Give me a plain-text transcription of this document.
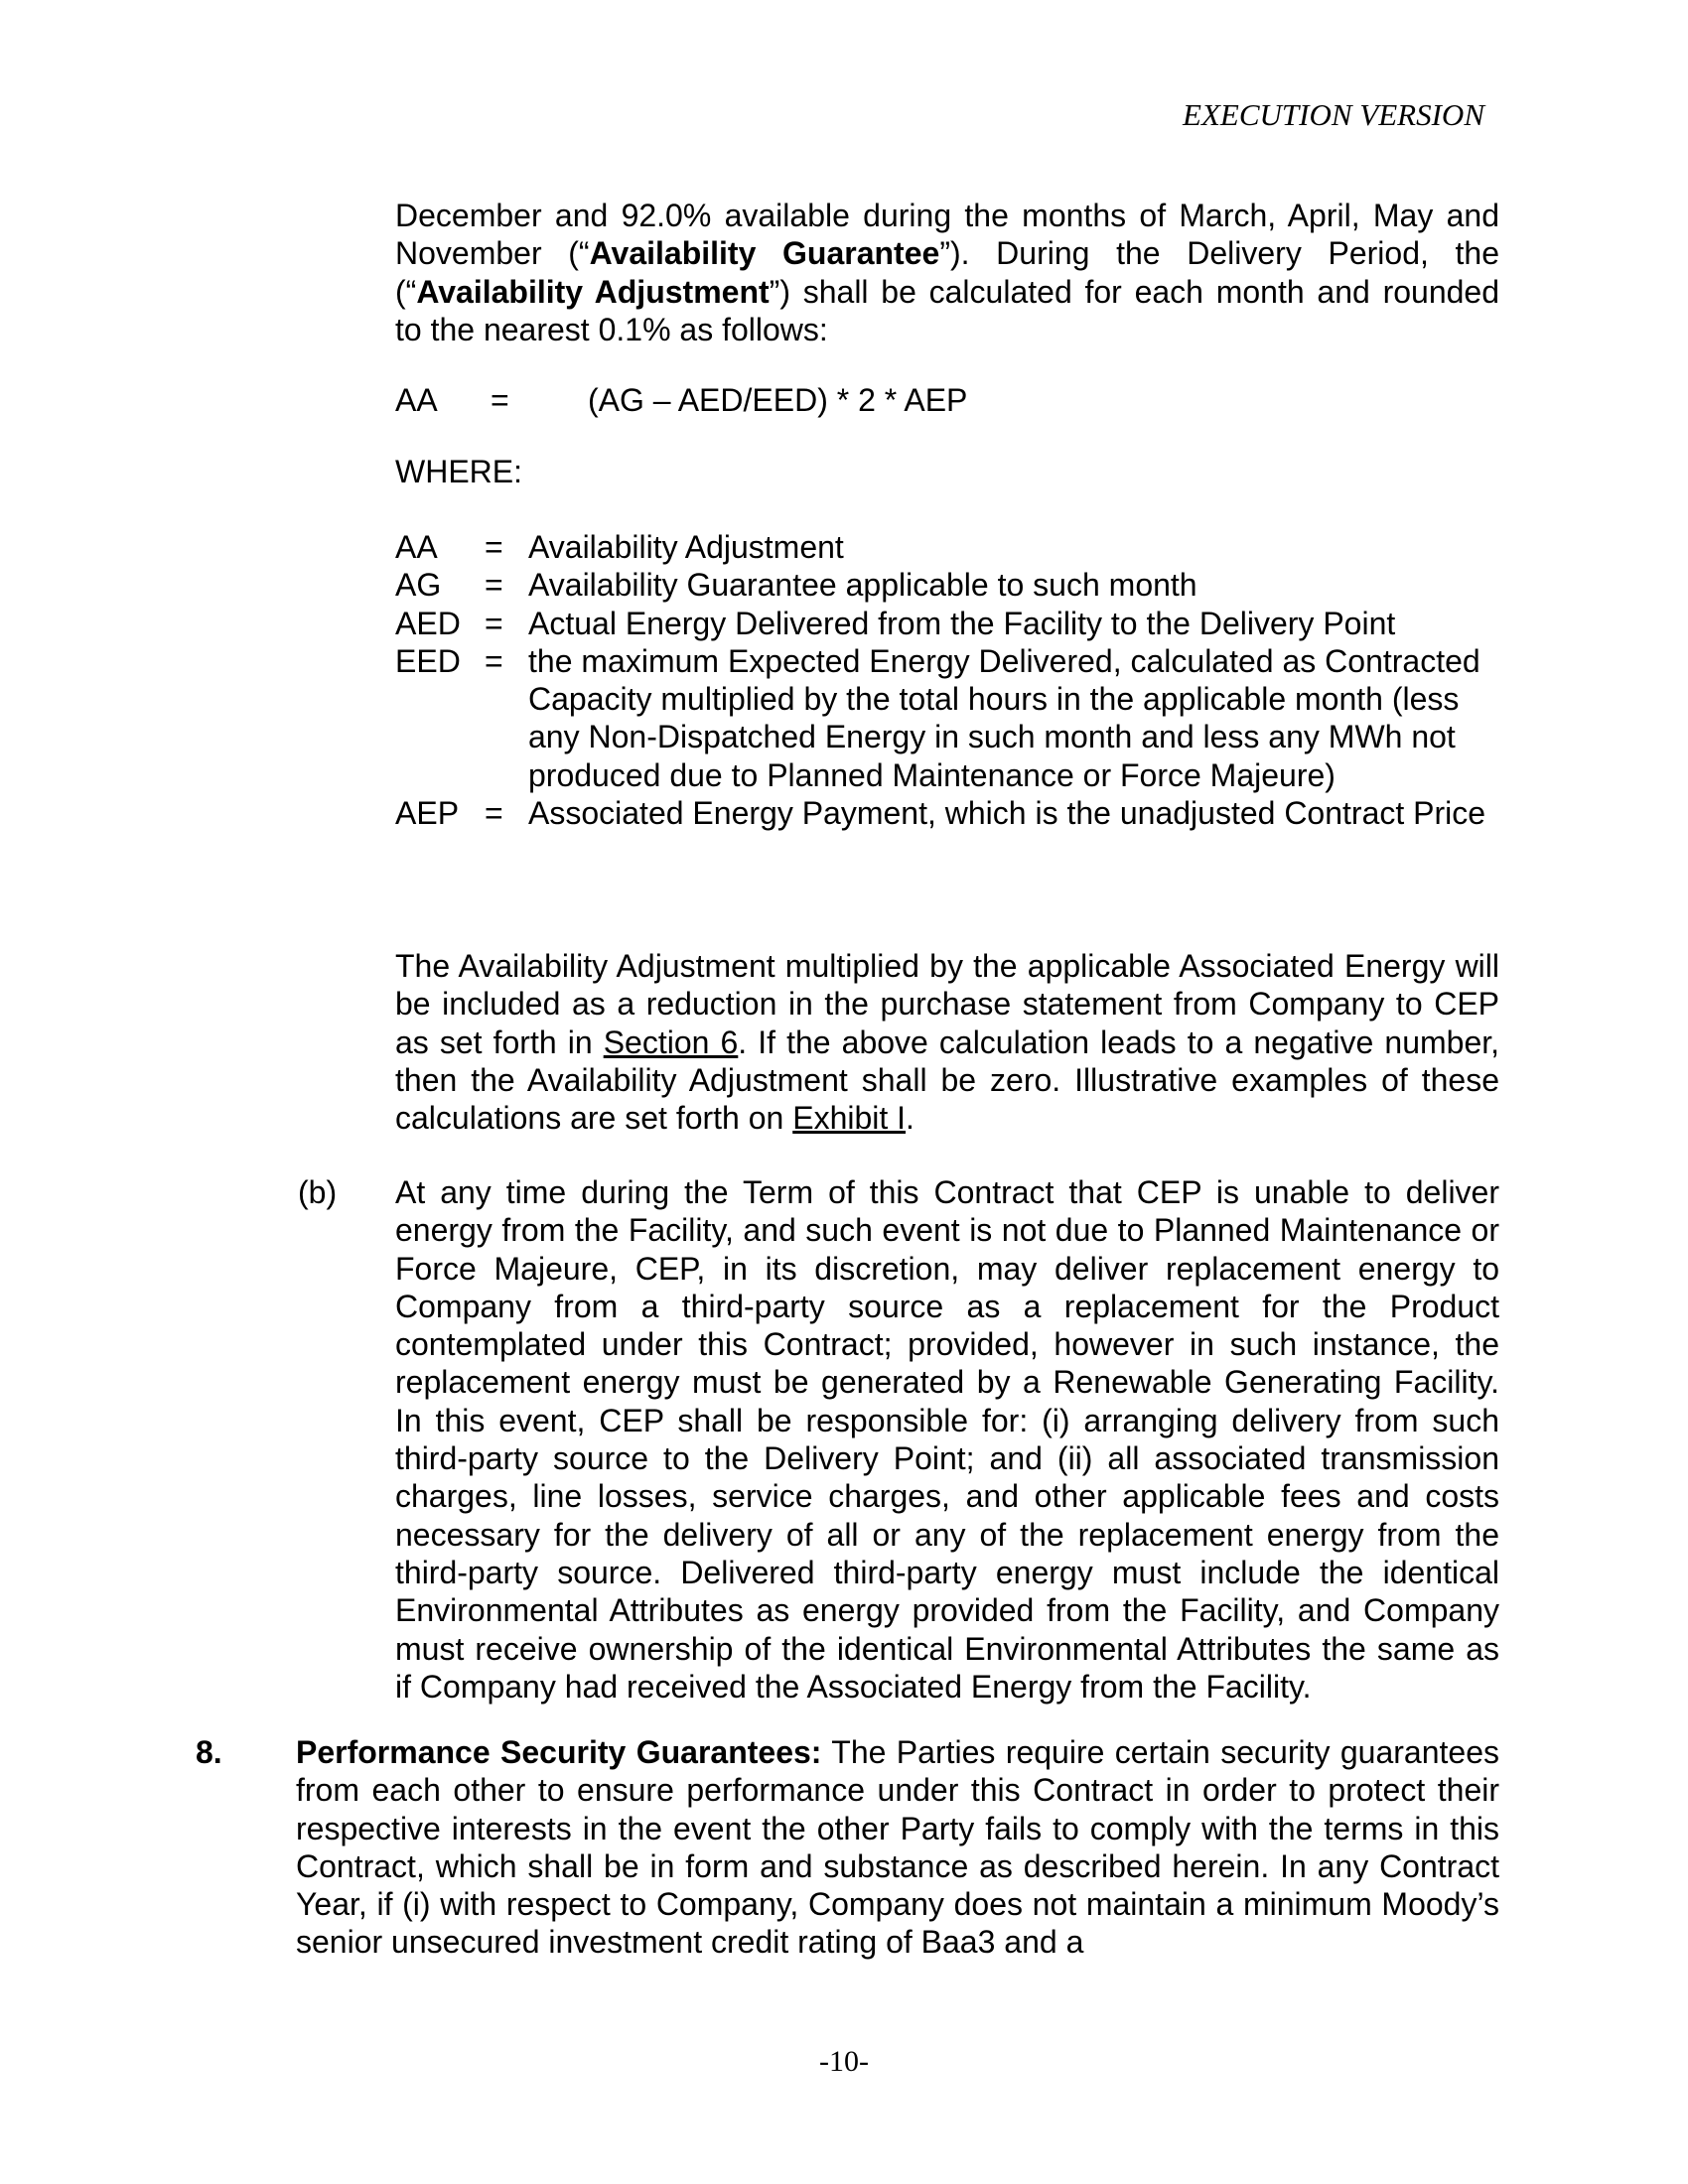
EXECUTION VERSION
December and 92.0% available during the months of March, April, May and November (“Availability Guarantee”). During the Delivery Period, the (“Availability Adjustment”) shall be calculated for each month and rounded to the nearest 0.1% as follows:
AA = (AG – AED/EED) * 2 * AEP
WHERE:
AA	= Availability Adjustment
AG	= Availability Guarantee applicable to such month
AED = Actual Energy Delivered from the Facility to the Delivery Point
EED = the maximum Expected Energy Delivered, calculated as Contracted Capacity multiplied by the total hours in the applicable month (less any Non-Dispatched Energy in such month and less any MWh not produced due to Planned Maintenance or Force Majeure)
AEP = Associated Energy Payment, which is the unadjusted Contract Price
The Availability Adjustment multiplied by the applicable Associated Energy will be included as a reduction in the purchase statement from Company to CEP as set forth in Section 6. If the above calculation leads to a negative number, then the Availability Adjustment shall be zero. Illustrative examples of these calculations are set forth on Exhibit I.
(b) At any time during the Term of this Contract that CEP is unable to deliver energy from the Facility, and such event is not due to Planned Maintenance or Force Majeure, CEP, in its discretion, may deliver replacement energy to Company from a third-party source as a replacement for the Product contemplated under this Contract; provided, however in such instance, the replacement energy must be generated by a Renewable Generating Facility. In this event, CEP shall be responsible for: (i) arranging delivery from such third-party source to the Delivery Point; and (ii) all associated transmission charges, line losses, service charges, and other applicable fees and costs necessary for the delivery of all or any of the replacement energy from the third-party source. Delivered third-party energy must include the identical Environmental Attributes as energy provided from the Facility, and Company must receive ownership of the identical Environmental Attributes the same as if Company had received the Associated Energy from the Facility.
8. Performance Security Guarantees: The Parties require certain security guarantees from each other to ensure performance under this Contract in order to protect their respective interests in the event the other Party fails to comply with the terms in this Contract, which shall be in form and substance as described herein. In any Contract Year, if (i) with respect to Company, Company does not maintain a minimum Moody’s senior unsecured investment credit rating of Baa3 and a
-10-
